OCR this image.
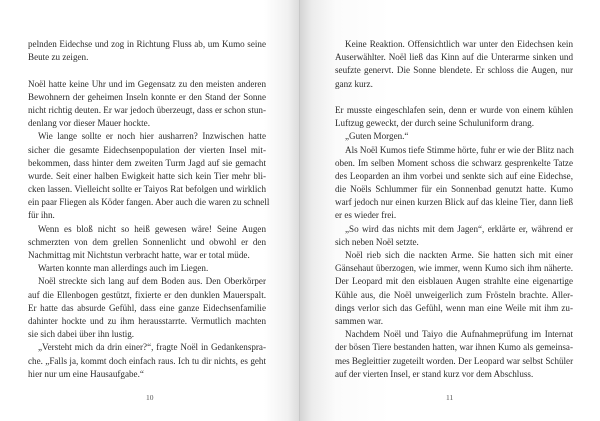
pelnden Eidechse und zog in Richtung Fluss ab, um Kumo seine
Beute zu zeigen.
Noël hatte keine Uhr und im Gegensatz zu den meisten anderen
Bewohnern der geheimen Inseln konnte er den Stand der Sonne
nicht richtig deuten. Er war jedoch überzeugt, dass er schon stun-
denlang vor dieser Mauer hockte.
Wie lange sollte er noch hier ausharren? Inzwischen hatte
sicher die gesamte Eidechsenpopulation der vierten Insel mit-
bekommen, dass hinter dem zweiten Turm Jagd auf sie gemacht
wurde. Seit einer halben Ewigkeit hatte sich kein Tier mehr bli-
cken lassen. Vielleicht sollte er Taiyos Rat befolgen und wirklich
ein paar Fliegen als Köder fangen. Aber auch die waren zu schnell
für ihn.
Wenn es bloß nicht so heiß gewesen wäre! Seine Augen
schmerzten von dem grellen Sonnenlicht und obwohl er den
Nachmittag mit Nichtstun verbracht hatte, war er total müde.
Warten konnte man allerdings auch im Liegen.
Noël streckte sich lang auf dem Boden aus. Den Oberkörper
auf die Ellenbogen gestützt, fixierte er den dunklen Mauerspalt.
Er hatte das absurde Gefühl, dass eine ganze Eidechsenfamilie
dahinter hockte und zu ihm herausstarrte. Vermutlich machten
sie sich dabei über ihn lustig.
„Versteht mich da drin einer?“, fragte Noël in Gedankenspra-
che. „Falls ja, kommt doch einfach raus. Ich tu dir nichts, es geht
hier nur um eine Hausaufgabe.“
10
Keine Reaktion. Offensichtlich war unter den Eidechsen kein
Auserwählter. Noël ließ das Kinn auf die Unterarme sinken und
seufzte genervt. Die Sonne blendete. Er schloss die Augen, nur
ganz kurz.
Er musste eingeschlafen sein, denn er wurde von einem kühlen
Luftzug geweckt, der durch seine Schuluniform drang.
„Guten Morgen.“
Als Noël Kumos tiefe Stimme hörte, fuhr er wie der Blitz nach
oben. Im selben Moment schoss die schwarz gesprenkelte Tatze
des Leoparden an ihm vorbei und senkte sich auf eine Eidechse,
die Noëls Schlummer für ein Sonnenbad genutzt hatte. Kumo
warf jedoch nur einen kurzen Blick auf das kleine Tier, dann ließ
er es wieder frei.
„So wird das nichts mit dem Jagen“, erklärte er, während er
sich neben Noël setzte.
Noël rieb sich die nackten Arme. Sie hatten sich mit einer
Gänsehaut überzogen, wie immer, wenn Kumo sich ihm näherte.
Der Leopard mit den eisblauen Augen strahlte eine eigenartige
Kühle aus, die Noël unweigerlich zum Frösteln brachte. Aller-
dings verlor sich das Gefühl, wenn man eine Weile mit ihm zu-
sammen war.
Nachdem Noël und Taiyo die Aufnahmeprüfung im Internat
der bösen Tiere bestanden hatten, war ihnen Kumo als gemeinsa-
mes Begleittier zugeteilt worden. Der Leopard war selbst Schüler
auf der vierten Insel, er stand kurz vor dem Abschluss.
11
